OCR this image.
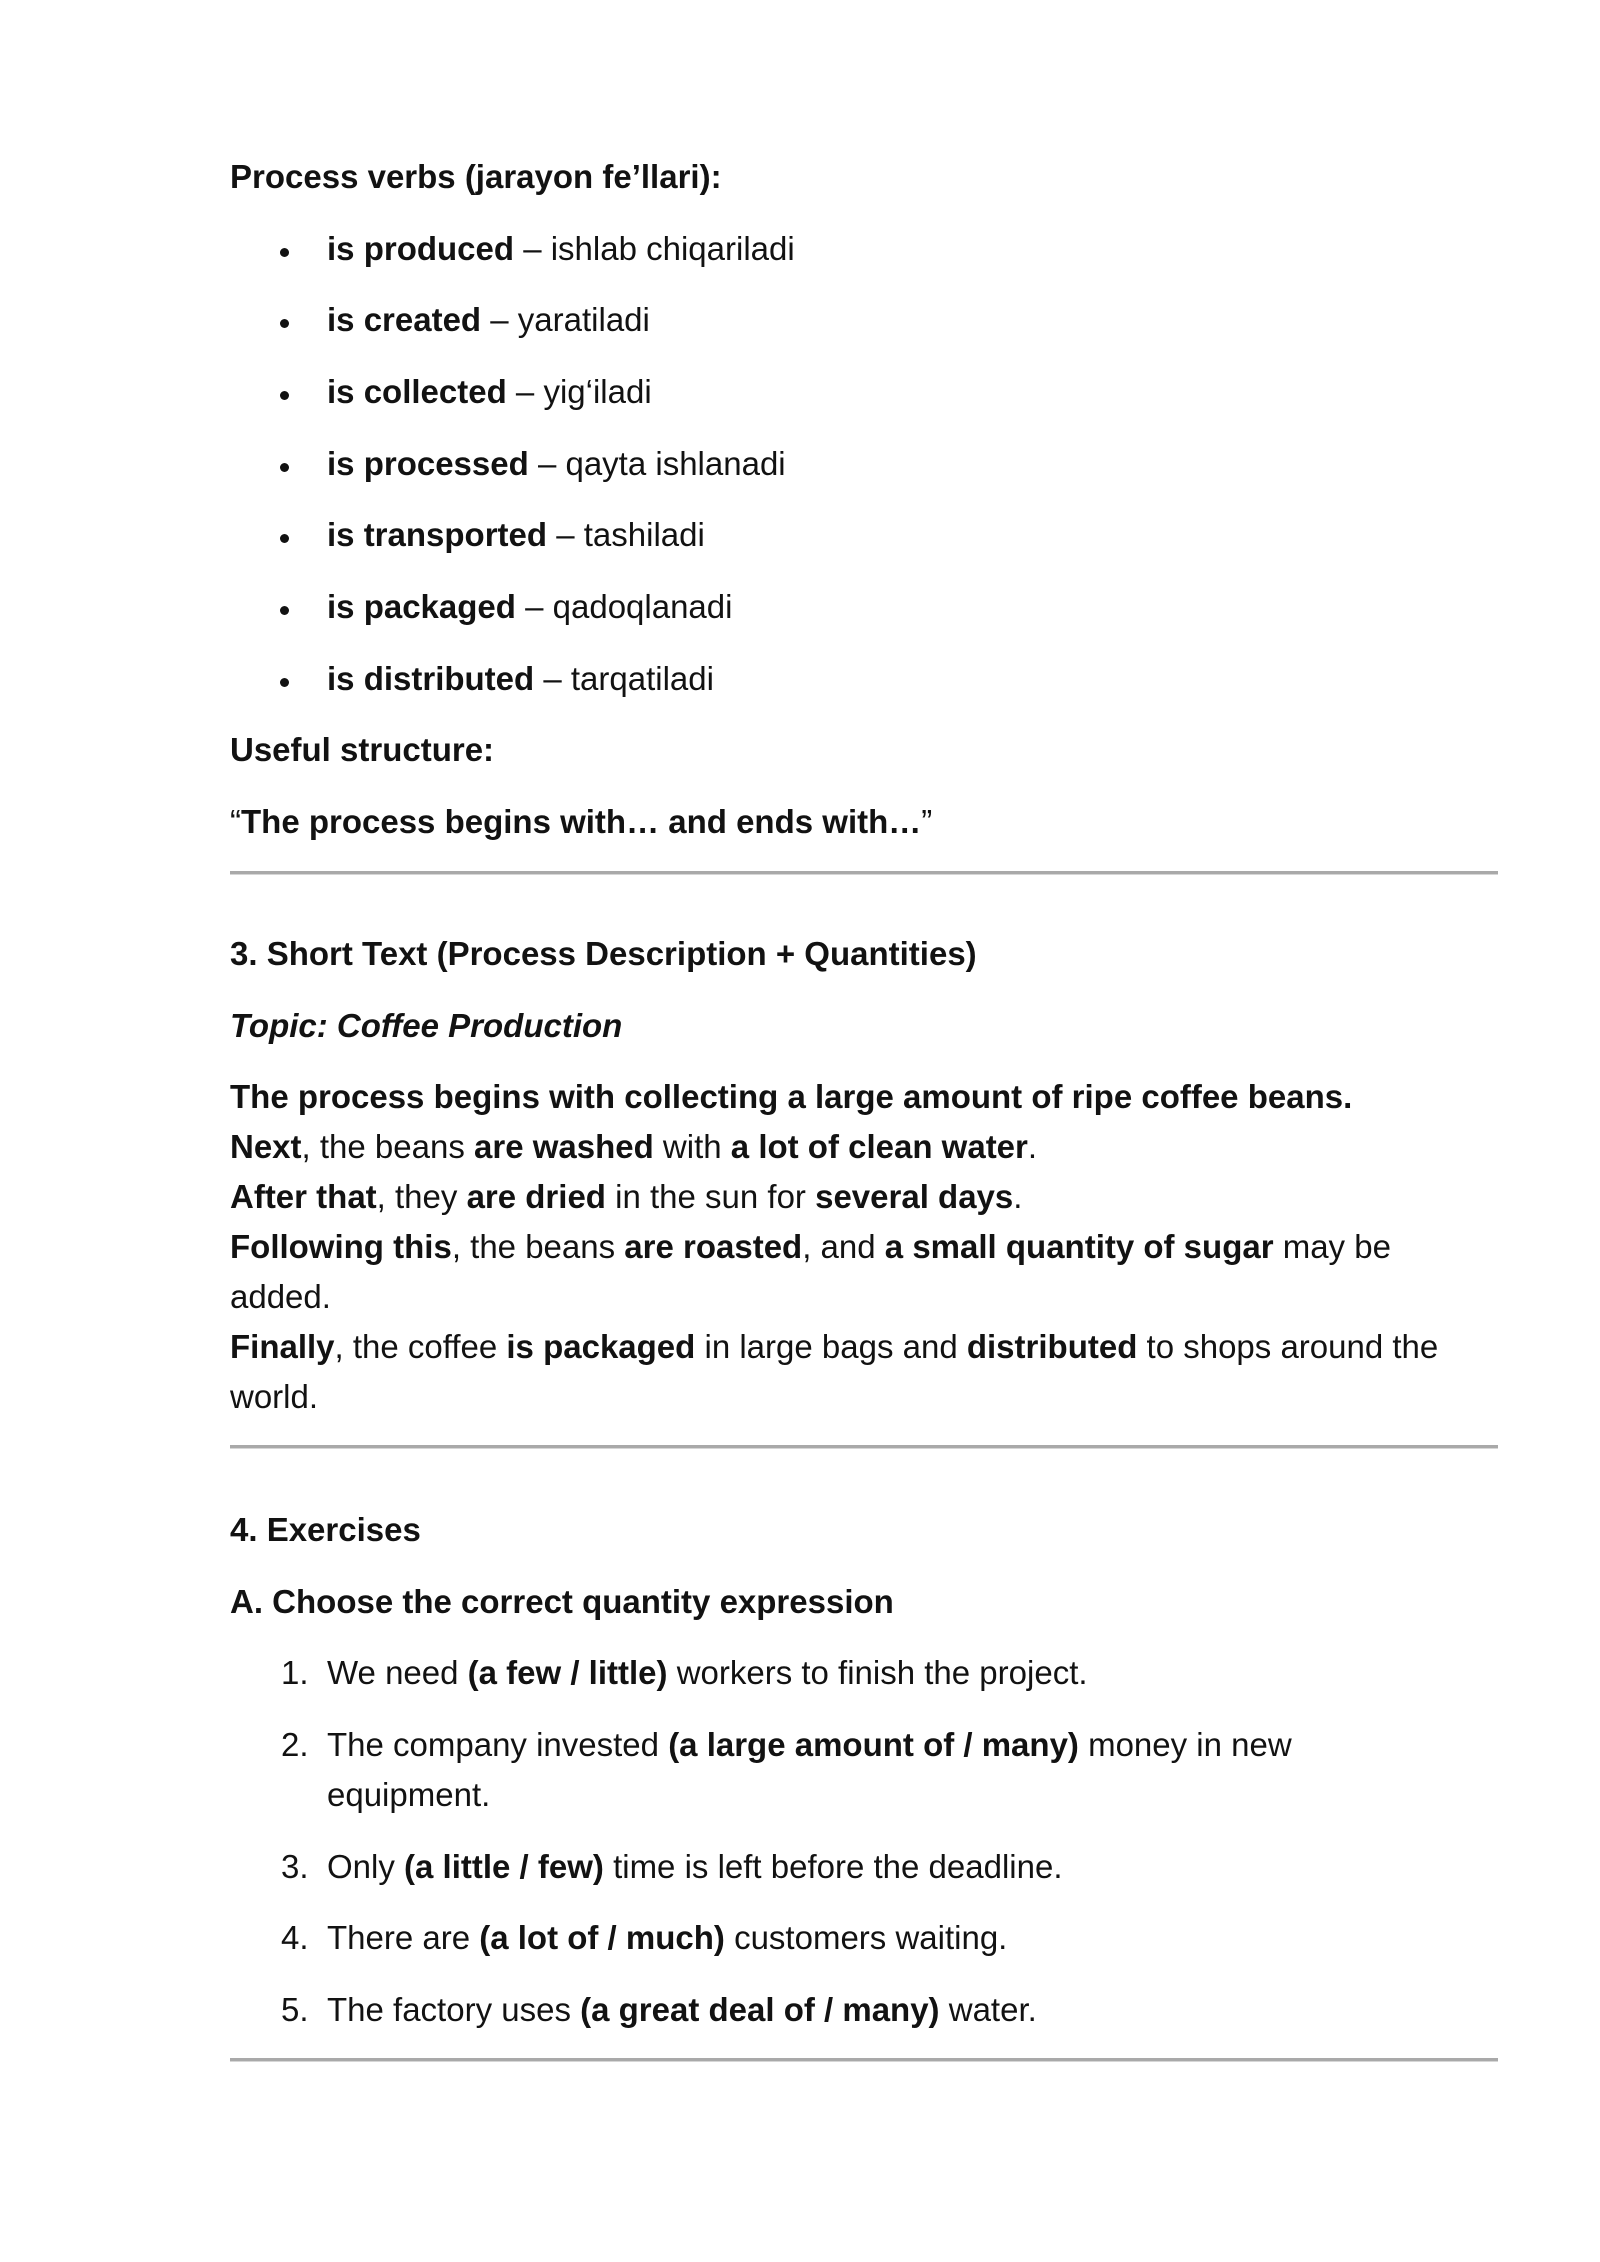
Process verbs (jarayon fe’llari):
is produced – ishlab chiqariladi
is created – yaratiladi
is collected – yig‘iladi
is processed – qayta ishlanadi
is transported – tashiladi
is packaged – qadoqlanadi
is distributed – tarqatiladi
Useful structure:
“The process begins with… and ends with…”
3. Short Text (Process Description + Quantities)
Topic: Coffee Production
The process begins with collecting a large amount of ripe coffee beans.
Next, the beans are washed with a lot of clean water.
After that, they are dried in the sun for several days.
Following this, the beans are roasted, and a small quantity of sugar may be added.
Finally, the coffee is packaged in large bags and distributed to shops around the world.
4. Exercises
A. Choose the correct quantity expression
1. We need (a few / little) workers to finish the project.
2. The company invested (a large amount of / many) money in new equipment.
3. Only (a little / few) time is left before the deadline.
4. There are (a lot of / much) customers waiting.
5. The factory uses (a great deal of / many) water.
